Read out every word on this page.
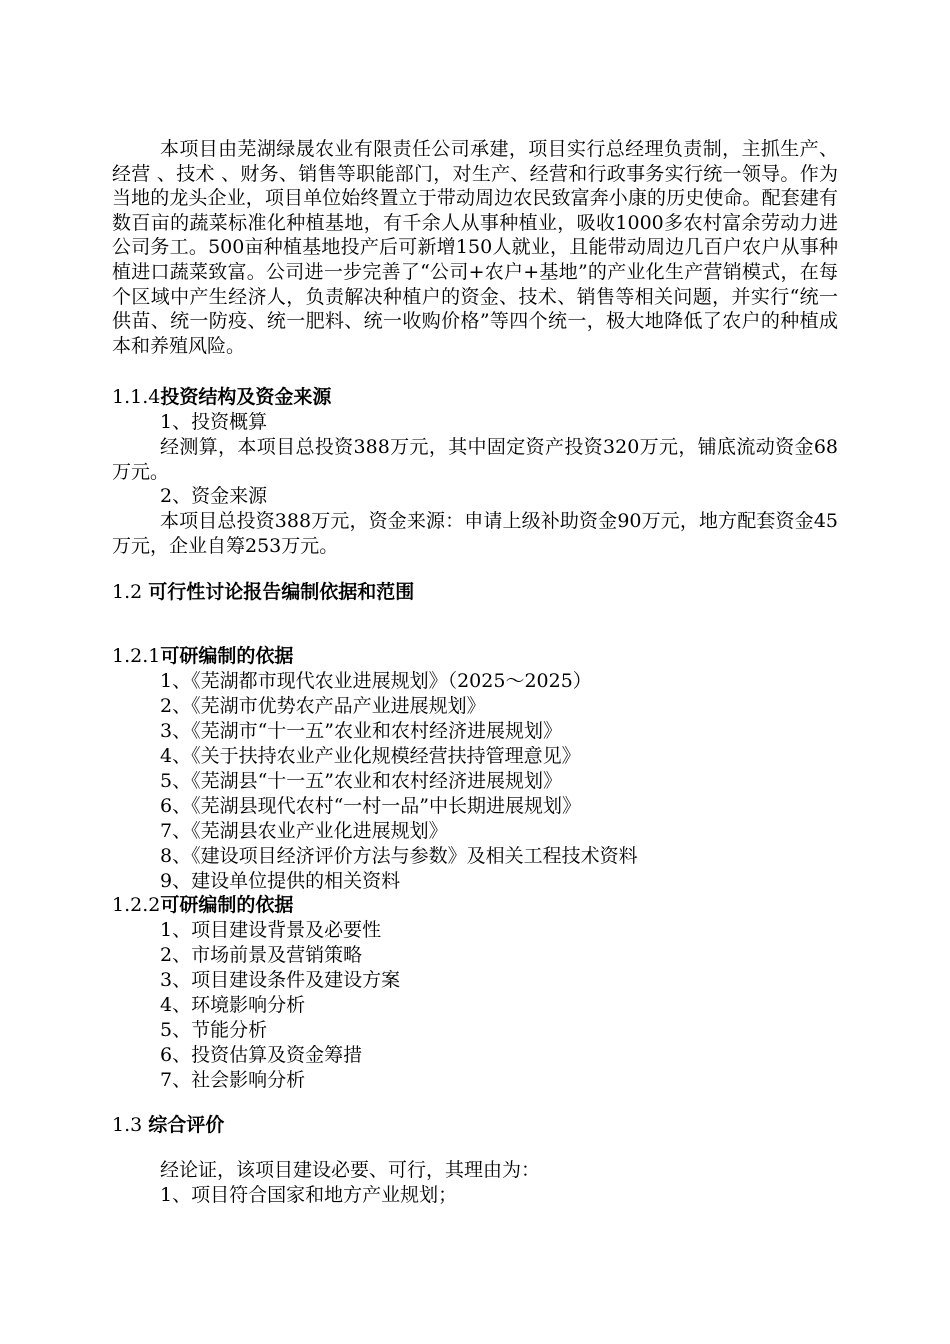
本项目由芜湖绿晟农业有限责任公司承建，项目实行总经理负责制，主抓生产、经营 、技术 、财务、销售等职能部门，对生产、经营和行政事务实行统一领导。作为当地的龙头企业，项目单位始终置立于带动周边农民致富奔小康的历史使命。配套建有数百亩的蔬菜标准化种植基地，有千余人从事种植业，吸收1000多农村富余劳动力进公司务工。500亩种植基地投产后可新增150人就业，且能带动周边几百户农户从事种植进口蔬菜致富。公司进一步完善了“公司+农户+基地”的产业化生产营销模式，在每个区域中产生经济人，负责解决种植户的资金、技术、销售等相关问题，并实行“统一供苗、统一防疫、统一肥料、统一收购价格”等四个统一，极大地降低了农户的种植成本和养殖风险。

1.1.4投资结构及资金来源
1、投资概算

经测算，本项目总投资388万元，其中固定资产投资320万元，铺底流动资金68万元。

2、资金来源

本项目总投资388万元，资金来源：申请上级补助资金90万元，地方配套资金45万元，企业自筹253万元。

1.2 可行性讨论报告编制依据和范围
1.2.1可研编制的依据
1、《芜湖都市现代农业进展规划》（2025～2025）
2、《芜湖市优势农产品产业进展规划》
3、《芜湖市“十一五”农业和农村经济进展规划》
4、《关于扶持农业产业化规模经营扶持管理意见》
5、《芜湖县“十一五”农业和农村经济进展规划》
6、《芜湖县现代农村“一村一品”中长期进展规划》
7、《芜湖县农业产业化进展规划》
8、《建设项目经济评价方法与参数》及相关工程技术资料
9、建设单位提供的相关资料
1.2.2可研编制的依据
1、项目建设背景及必要性
2、市场前景及营销策略
3、项目建设条件及建设方案
4、环境影响分析
5、节能分析
6、投资估算及资金筹措
7、社会影响分析
1.3 综合评价
经论证，该项目建设必要、可行，其理由为：
1、项目符合国家和地方产业规划；
